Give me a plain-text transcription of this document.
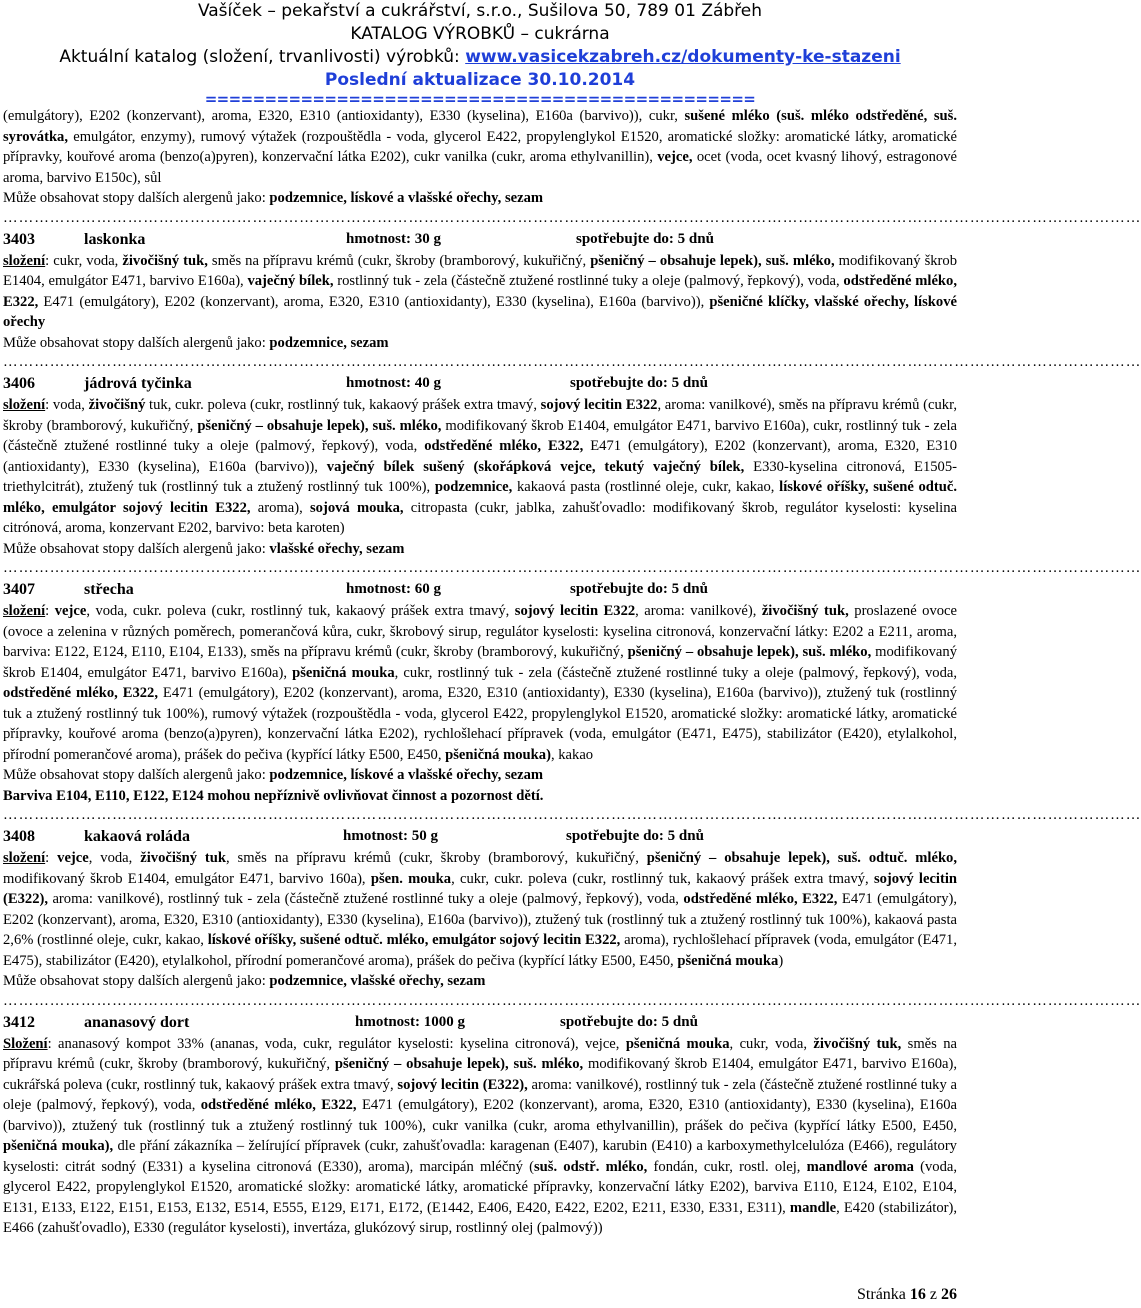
Vašíček – pekařství a cukrářství, s.r.o., Sušilova 50, 789 01 Zábřeh
KATALOG VÝROBKŮ – cukrárna
Aktuální katalog (složení, trvanlivosti) výrobků: www.vasicekzabreh.cz/dokumenty-ke-stazeni
Poslední aktualizace 30.10.2014
==============================================

(emulgátory), E202 (konzervant), aroma, E320, E310 (antioxidanty), E330 (kyselina), E160a (barvivo)), cukr, sušené mléko (suš. mléko odstředěné, suš. syrovátka, emulgátor, enzymy), rumový výtažek (rozpouštědla - voda, glycerol E422, propylenglykol E1520, aromatické složky: aromatické látky, aromatické přípravky, kouřové aroma (benzo(a)pyren), konzervační látka E202), cukr vanilka (cukr, aroma ethylvanillin), vejce, ocet (voda, ocet kvasný lihový, estragonové aroma, barvivo E150c), sůl

Může obsahovat stopy dalších alergenů jako: podzemnice, lískové a vlašské ořechy, sezam

…………………………………………………………………………………………………………………………………………………………………………………………………

3403	laskonka	hmotnost: 30 g	spotřebujte do: 5 dnů

složení: cukr, voda, živočišný tuk, směs na přípravu krémů (cukr, škroby (bramborový, kukuřičný, pšeničný – obsahuje lepek), suš. mléko, modifikovaný škrob E1404, emulgátor E471, barvivo E160a), vaječný bílek, rostlinný tuk - zela (částečně ztužené rostlinné tuky a oleje (palmový, řepkový), voda, odstředěné mléko, E322, E471 (emulgátory), E202 (konzervant), aroma, E320, E310 (antioxidanty), E330 (kyselina), E160a (barvivo)), pšeničné klíčky, vlašské ořechy, lískové ořechy

Může obsahovat stopy dalších alergenů jako: podzemnice, sezam

…………………………………………………………………………………………………………………………………………………………………………………………………

3406	jádrová tyčinka	hmotnost: 40 g	spotřebujte do: 5 dnů

složení: voda, živočišný tuk, cukr. poleva (cukr, rostlinný tuk, kakaový prášek extra tmavý, sojový lecitin E322, aroma: vanilkové), směs na přípravu krémů (cukr, škroby (bramborový, kukuřičný, pšeničný – obsahuje lepek), suš. mléko, modifikovaný škrob E1404, emulgátor E471, barvivo E160a), cukr, rostlinný tuk - zela (částečně ztužené rostlinné tuky a oleje (palmový, řepkový), voda, odstředěné mléko, E322, E471 (emulgátory), E202 (konzervant), aroma, E320, E310 (antioxidanty), E330 (kyselina), E160a (barvivo)), vaječný bílek sušený (skořápková vejce, tekutý vaječný bílek, E330-kyselina citronová, E1505-triethylcitrát), ztužený tuk (rostlinný tuk a ztužený rostlinný tuk 100%), podzemnice, kakaová pasta (rostlinné oleje, cukr, kakao, lískové oříšky, sušené odtuč. mléko, emulgátor sojový lecitin E322, aroma), sojová mouka, citropasta (cukr, jablka, zahušťovadlo: modifikovaný škrob, regulátor kyselosti: kyselina citrónová, aroma, konzervant E202, barvivo: beta karoten)

Může obsahovat stopy dalších alergenů jako: vlašské ořechy, sezam

…………………………………………………………………………………………………………………………………………………………………………………………………

3407	střecha	hmotnost: 60 g	spotřebujte do: 5 dnů

složení: vejce, voda, cukr. poleva (cukr, rostlinný tuk, kakaový prášek extra tmavý, sojový lecitin E322, aroma: vanilkové), živočišný tuk, proslazené ovoce (ovoce a zelenina v různých poměrech, pomerančová kůra, cukr, škrobový sirup, regulátor kyselosti: kyselina citronová, konzervační látky: E202 a E211, aroma, barviva: E122, E124, E110, E104, E133), směs na přípravu krémů (cukr, škroby (bramborový, kukuřičný, pšeničný – obsahuje lepek), suš. mléko, modifikovaný škrob E1404, emulgátor E471, barvivo E160a), pšeničná mouka, cukr, rostlinný tuk - zela (částečně ztužené rostlinné tuky a oleje (palmový, řepkový), voda, odstředěné mléko, E322, E471 (emulgátory), E202 (konzervant), aroma, E320, E310 (antioxidanty), E330 (kyselina), E160a (barvivo)), ztužený tuk (rostlinný tuk a ztužený rostlinný tuk 100%), rumový výtažek (rozpouštědla - voda, glycerol E422, propylenglykol E1520, aromatické složky: aromatické látky, aromatické přípravky, kouřové aroma (benzo(a)pyren), konzervační látka E202), rychlošlehací přípravek (voda, emulgátor (E471, E475), stabilizátor (E420), etylalkohol, přírodní pomerančové aroma), prášek do pečiva (kypřící látky E500, E450, pšeničná mouka), kakao

Může obsahovat stopy dalších alergenů jako: podzemnice, lískové a vlašské ořechy, sezam

Barviva E104, E110, E122, E124 mohou nepříznivě ovlivňovat činnost a pozornost dětí.

…………………………………………………………………………………………………………………………………………………………………………………………………

3408	kakaová roláda	hmotnost: 50 g	spotřebujte do: 5 dnů

složení: vejce, voda, živočišný tuk, směs na přípravu krémů (cukr, škroby (bramborový, kukuřičný, pšeničný – obsahuje lepek), suš. odtuč. mléko, modifikovaný škrob E1404, emulgátor E471, barvivo 160a), pšen. mouka, cukr, cukr. poleva (cukr, rostlinný tuk, kakaový prášek extra tmavý, sojový lecitin (E322), aroma: vanilkové), rostlinný tuk - zela (částečně ztužené rostlinné tuky a oleje (palmový, řepkový), voda, odstředěné mléko, E322, E471 (emulgátory), E202 (konzervant), aroma, E320, E310 (antioxidanty), E330 (kyselina), E160a (barvivo)), ztužený tuk (rostlinný tuk a ztužený rostlinný tuk 100%), kakaová pasta 2,6% (rostlinné oleje, cukr, kakao, lískové oříšky, sušené odtuč. mléko, emulgátor sojový lecitin E322, aroma), rychlošlehací přípravek (voda, emulgátor (E471, E475), stabilizátor (E420), etylalkohol, přírodní pomerančové aroma), prášek do pečiva (kypřící látky E500, E450, pšeničná mouka)

Může obsahovat stopy dalších alergenů jako: podzemnice, vlašské ořechy, sezam

…………………………………………………………………………………………………………………………………………………………………………………………………

3412	ananasový dort	hmotnost: 1000 g	spotřebujte do: 5 dnů

Složení: ananasový kompot 33% (ananas, voda, cukr, regulátor kyselosti: kyselina citronová), vejce, pšeničná mouka, cukr, voda, živočišný tuk, směs na přípravu krémů (cukr, škroby (bramborový, kukuřičný, pšeničný – obsahuje lepek), suš. mléko, modifikovaný škrob E1404, emulgátor E471, barvivo E160a), cukrářská poleva (cukr, rostlinný tuk, kakaový prášek extra tmavý, sojový lecitin (E322), aroma: vanilkové), rostlinný tuk - zela (částečně ztužené rostlinné tuky a oleje (palmový, řepkový), voda, odstředěné mléko, E322, E471 (emulgátory), E202 (konzervant), aroma, E320, E310 (antioxidanty), E330 (kyselina), E160a (barvivo)), ztužený tuk (rostlinný tuk a ztužený rostlinný tuk 100%), cukr vanilka (cukr, aroma ethylvanillin), prášek do pečiva (kypřící látky E500, E450, pšeničná mouka), dle přání zákazníka – želírující přípravek (cukr, zahušťovadla: karagenan (E407), karubin (E410) a karboxymethylcelulóza (E466), regulátory kyselosti: citrát sodný (E331) a kyselina citronová (E330), aroma), marcipán mléčný (suš. odstř. mléko, fondán, cukr, rostl. olej, mandlové aroma (voda, glycerol E422, propylenglykol E1520, aromatické složky: aromatické látky, aromatické přípravky, konzervační látky E202), barviva E110, E124, E102, E104, E131, E133, E122, E151, E153, E132, E514, E555, E129, E171, E172, (E1442, E406, E420, E422, E202, E211, E330, E331, E311), mandle, E420 (stabilizátor), E466 (zahušťovadlo), E330 (regulátor kyselosti), invertáza, glukózový sirup, rostlinný olej (palmový))

Stránka 16 z 26
